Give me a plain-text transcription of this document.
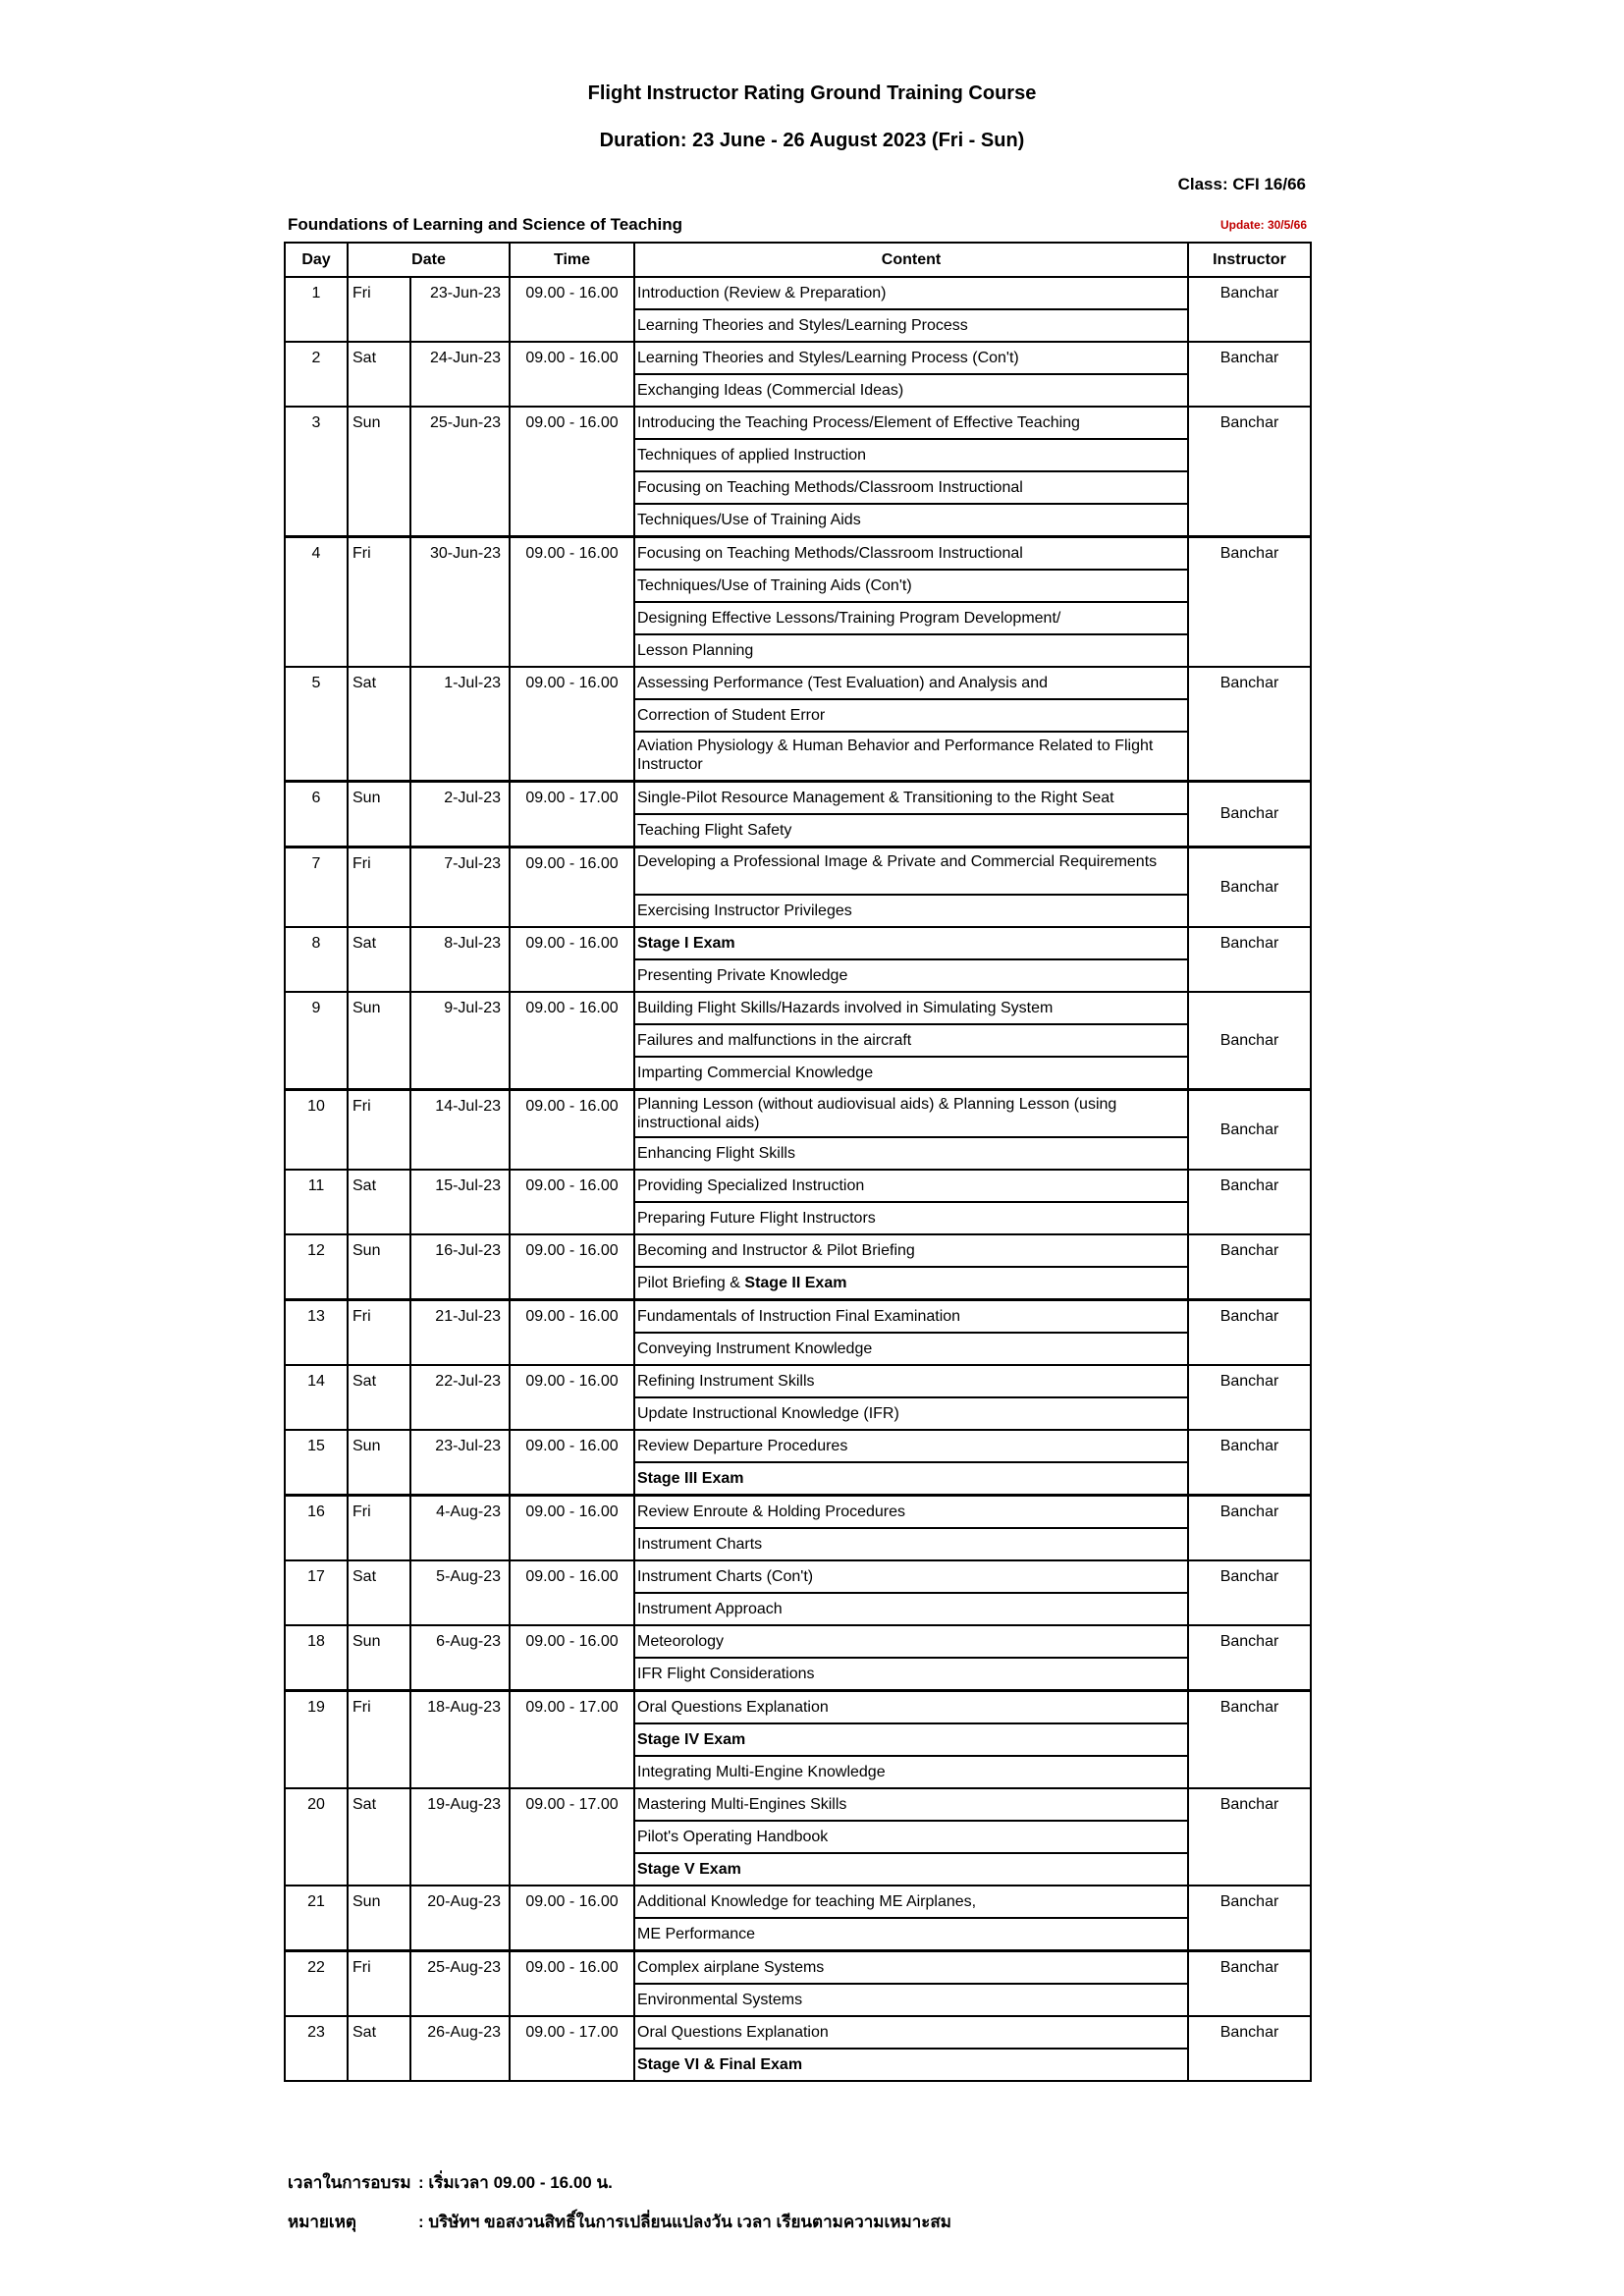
Flight Instructor Rating Ground Training Course
Duration: 23 June - 26 August 2023 (Fri - Sun)
Class: CFI 16/66
Foundations of Learning and Science of Teaching	Update: 30/5/66
Day	Date		Time	Content	Instructor
1	Fri	23-Jun-23	09.00 - 16.00	Introduction (Review & Preparation)
Learning Theories and Styles/Learning Process	Banchar
2	Sat	24-Jun-23	09.00 - 16.00	Learning Theories and Styles/Learning Process (Con't)
Exchanging Ideas (Commercial Ideas)	Banchar
3	Sun	25-Jun-23	09.00 - 16.00	Introducing the Teaching Process/Element of Effective Teaching
Techniques of applied Instruction
Focusing on Teaching Methods/Classroom Instructional
Techniques/Use of Training Aids	Banchar
4	Fri	30-Jun-23	09.00 - 16.00	Focusing on Teaching Methods/Classroom Instructional
Techniques/Use of Training Aids (Con't)
Designing Effective Lessons/Training Program Development/
Lesson Planning	Banchar
5	Sat	1-Jul-23	09.00 - 16.00	Assessing Performance (Test Evaluation) and Analysis and
Correction of Student Error
Aviation Physiology & Human Behavior and Performance Related to Flight Instructor	Banchar
6	Sun	2-Jul-23	09.00 - 17.00	Single-Pilot Resource Management & Transitioning to the Right Seat
Teaching Flight Safety	Banchar
7	Fri	7-Jul-23	09.00 - 16.00	Developing a Professional Image & Private and Commercial Requirements
Exercising Instructor Privileges	Banchar
8	Sat	8-Jul-23	09.00 - 16.00	Stage I Exam
Presenting Private Knowledge	Banchar
9	Sun	9-Jul-23	09.00 - 16.00	Building Flight Skills/Hazards involved in Simulating System
Failures and malfunctions in the aircraft
Imparting Commercial Knowledge	Banchar
10	Fri	14-Jul-23	09.00 - 16.00	Planning Lesson (without audiovisual aids) & Planning Lesson (using instructional aids)
Enhancing Flight Skills	Banchar
11	Sat	15-Jul-23	09.00 - 16.00	Providing Specialized Instruction
Preparing Future Flight Instructors	Banchar
12	Sun	16-Jul-23	09.00 - 16.00	Becoming and Instructor & Pilot Briefing
Pilot Briefing & Stage II Exam	Banchar
13	Fri	21-Jul-23	09.00 - 16.00	Fundamentals of Instruction Final Examination
Conveying Instrument Knowledge	Banchar
14	Sat	22-Jul-23	09.00 - 16.00	Refining Instrument Skills
Update Instructional Knowledge (IFR)	Banchar
15	Sun	23-Jul-23	09.00 - 16.00	Review Departure Procedures
Stage III Exam	Banchar
16	Fri	4-Aug-23	09.00 - 16.00	Review Enroute & Holding Procedures
Instrument Charts	Banchar
17	Sat	5-Aug-23	09.00 - 16.00	Instrument Charts (Con't)
Instrument Approach	Banchar
18	Sun	6-Aug-23	09.00 - 16.00	Meteorology
IFR Flight Considerations	Banchar
19	Fri	18-Aug-23	09.00 - 17.00	Oral Questions Explanation
Stage IV Exam
Integrating Multi-Engine Knowledge	Banchar
20	Sat	19-Aug-23	09.00 - 17.00	Mastering Multi-Engines Skills
Pilot's Operating Handbook
Stage V Exam	Banchar
21	Sun	20-Aug-23	09.00 - 16.00	Additional Knowledge for teaching ME Airplanes,
ME Performance	Banchar
22	Fri	25-Aug-23	09.00 - 16.00	Complex airplane Systems
Environmental Systems	Banchar
23	Sat	26-Aug-23	09.00 - 17.00	Oral Questions Explanation
Stage VI & Final Exam	Banchar
เวลาในการอบรม : เริ่มเวลา 09.00 - 16.00 น.
หมายเหตุ	: บริษัทฯ ขอสงวนสิทธิ์ในการเปลี่ยนแปลงวัน เวลา เรียนตามความเหมาะสม
